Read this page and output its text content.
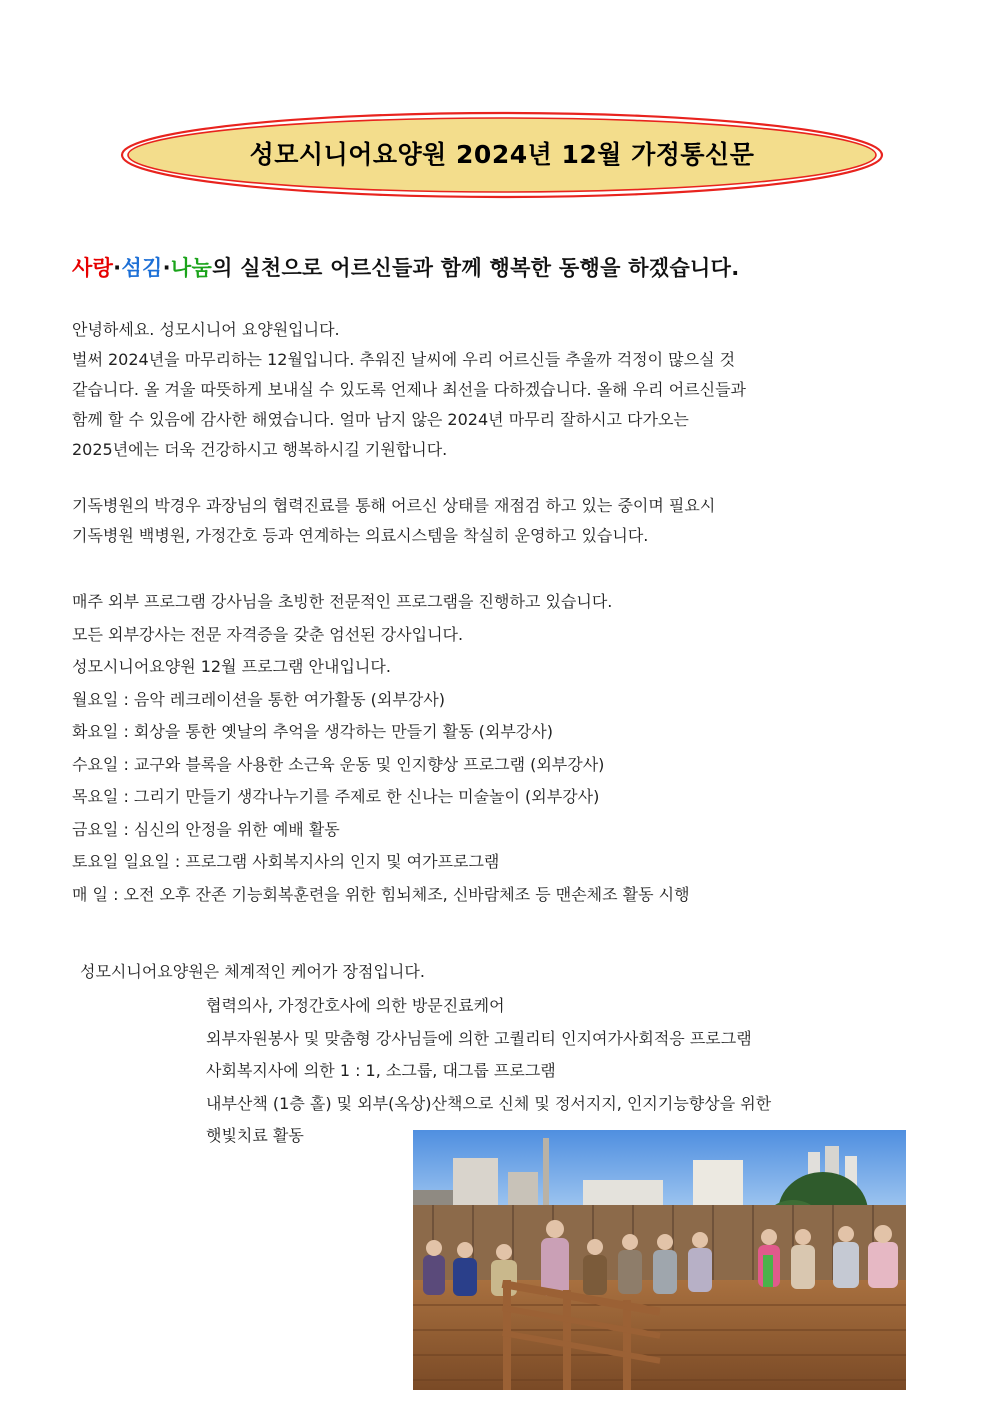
성모시니어요양원 2024년 12월 가정통신문
사랑·섬김·나눔의 실천으로 어르신들과 함께 행복한 동행을 하겠습니다.
안녕하세요. 성모시니어 요양원입니다.
벌써 2024년을 마무리하는 12월입니다. 추워진 날씨에 우리 어르신들 추울까 걱정이 많으실 것
같습니다. 올 겨울 따뜻하게 보내실 수 있도록 언제나 최선을 다하겠습니다. 올해 우리 어르신들과
함께 할 수 있음에 감사한 해였습니다. 얼마 남지 않은 2024년 마무리 잘하시고 다가오는
2025년에는 더욱 건강하시고 행복하시길 기원합니다.
기독병원의 박경우 과장님의 협력진료를 통해 어르신 상태를 재점검 하고 있는 중이며 필요시
기독병원 백병원, 가정간호 등과 연계하는 의료시스템을 착실히 운영하고 있습니다.
매주 외부 프로그램 강사님을 초빙한 전문적인 프로그램을 진행하고 있습니다.
모든 외부강사는 전문 자격증을 갖춘 엄선된 강사입니다.
성모시니어요양원 12월 프로그램 안내입니다.
월요일 : 음악 레크레이션을 통한 여가활동 (외부강사)
화요일 : 회상을 통한 옛날의 추억을 생각하는 만들기 활동 (외부강사)
수요일 : 교구와 블록을 사용한 소근육 운동 및 인지향상 프로그램 (외부강사)
목요일 : 그리기 만들기 생각나누기를 주제로 한 신나는 미술놀이 (외부강사)
금요일 : 심신의 안정을 위한 예배 활동
토요일 일요일 : 프로그램 사회복지사의 인지 및 여가프로그램
매 일 : 오전 오후 잔존 기능회복훈련을 위한 힘뇌체조, 신바람체조 등 맨손체조 활동 시행
성모시니어요양원은 체계적인 케어가 장점입니다.
협력의사, 가정간호사에 의한 방문진료케어
외부자원봉사 및 맞춤형 강사님들에 의한 고퀄리티 인지여가사회적응 프로그램
사회복지사에 의한 1 : 1, 소그룹, 대그룹 프로그램
내부산책 (1층 홀) 및 외부(옥상)산책으로 신체 및 정서지지, 인지기능향상을 위한
햇빛치료 활동
